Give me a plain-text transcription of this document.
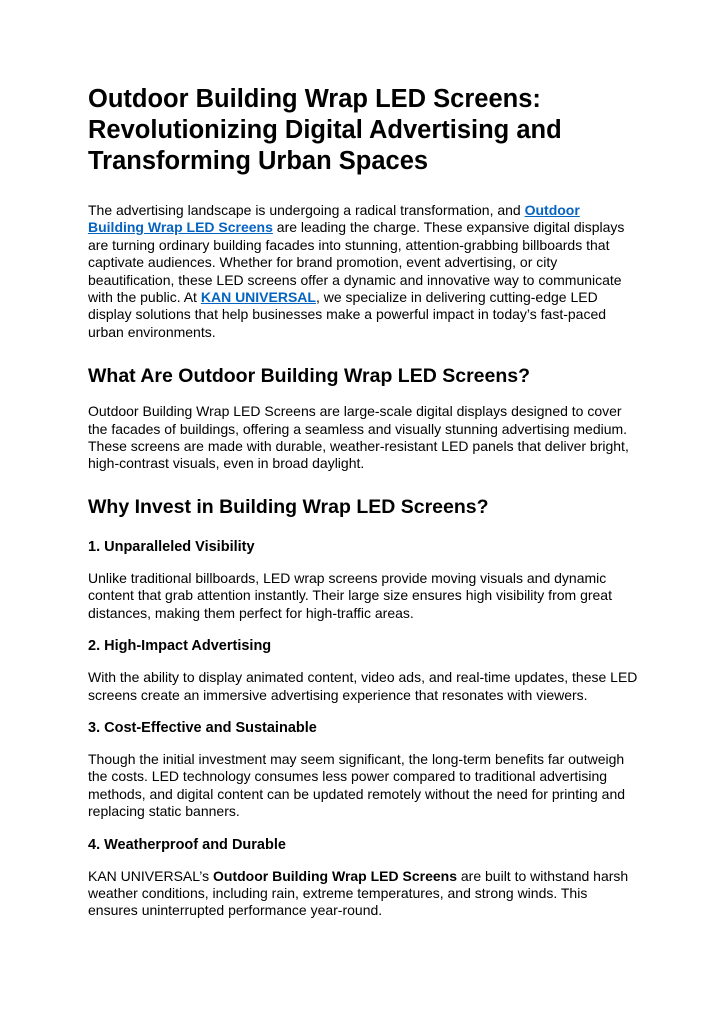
Outdoor Building Wrap LED Screens: Revolutionizing Digital Advertising and Transforming Urban Spaces

The advertising landscape is undergoing a radical transformation, and Outdoor Building Wrap LED Screens are leading the charge. These expansive digital displays are turning ordinary building facades into stunning, attention-grabbing billboards that captivate audiences. Whether for brand promotion, event advertising, or city beautification, these LED screens offer a dynamic and innovative way to communicate with the public. At KAN UNIVERSAL, we specialize in delivering cutting-edge LED display solutions that help businesses make a powerful impact in today’s fast-paced urban environments.

What Are Outdoor Building Wrap LED Screens?

Outdoor Building Wrap LED Screens are large-scale digital displays designed to cover the facades of buildings, offering a seamless and visually stunning advertising medium. These screens are made with durable, weather-resistant LED panels that deliver bright, high-contrast visuals, even in broad daylight.

Why Invest in Building Wrap LED Screens?
1. Unparalleled Visibility

Unlike traditional billboards, LED wrap screens provide moving visuals and dynamic content that grab attention instantly. Their large size ensures high visibility from great distances, making them perfect for high-traffic areas.

2. High-Impact Advertising

With the ability to display animated content, video ads, and real-time updates, these LED screens create an immersive advertising experience that resonates with viewers.

3. Cost-Effective and Sustainable

Though the initial investment may seem significant, the long-term benefits far outweigh the costs. LED technology consumes less power compared to traditional advertising methods, and digital content can be updated remotely without the need for printing and replacing static banners.

4. Weatherproof and Durable

KAN UNIVERSAL’s Outdoor Building Wrap LED Screens are built to withstand harsh weather conditions, including rain, extreme temperatures, and strong winds. This ensures uninterrupted performance year-round.
